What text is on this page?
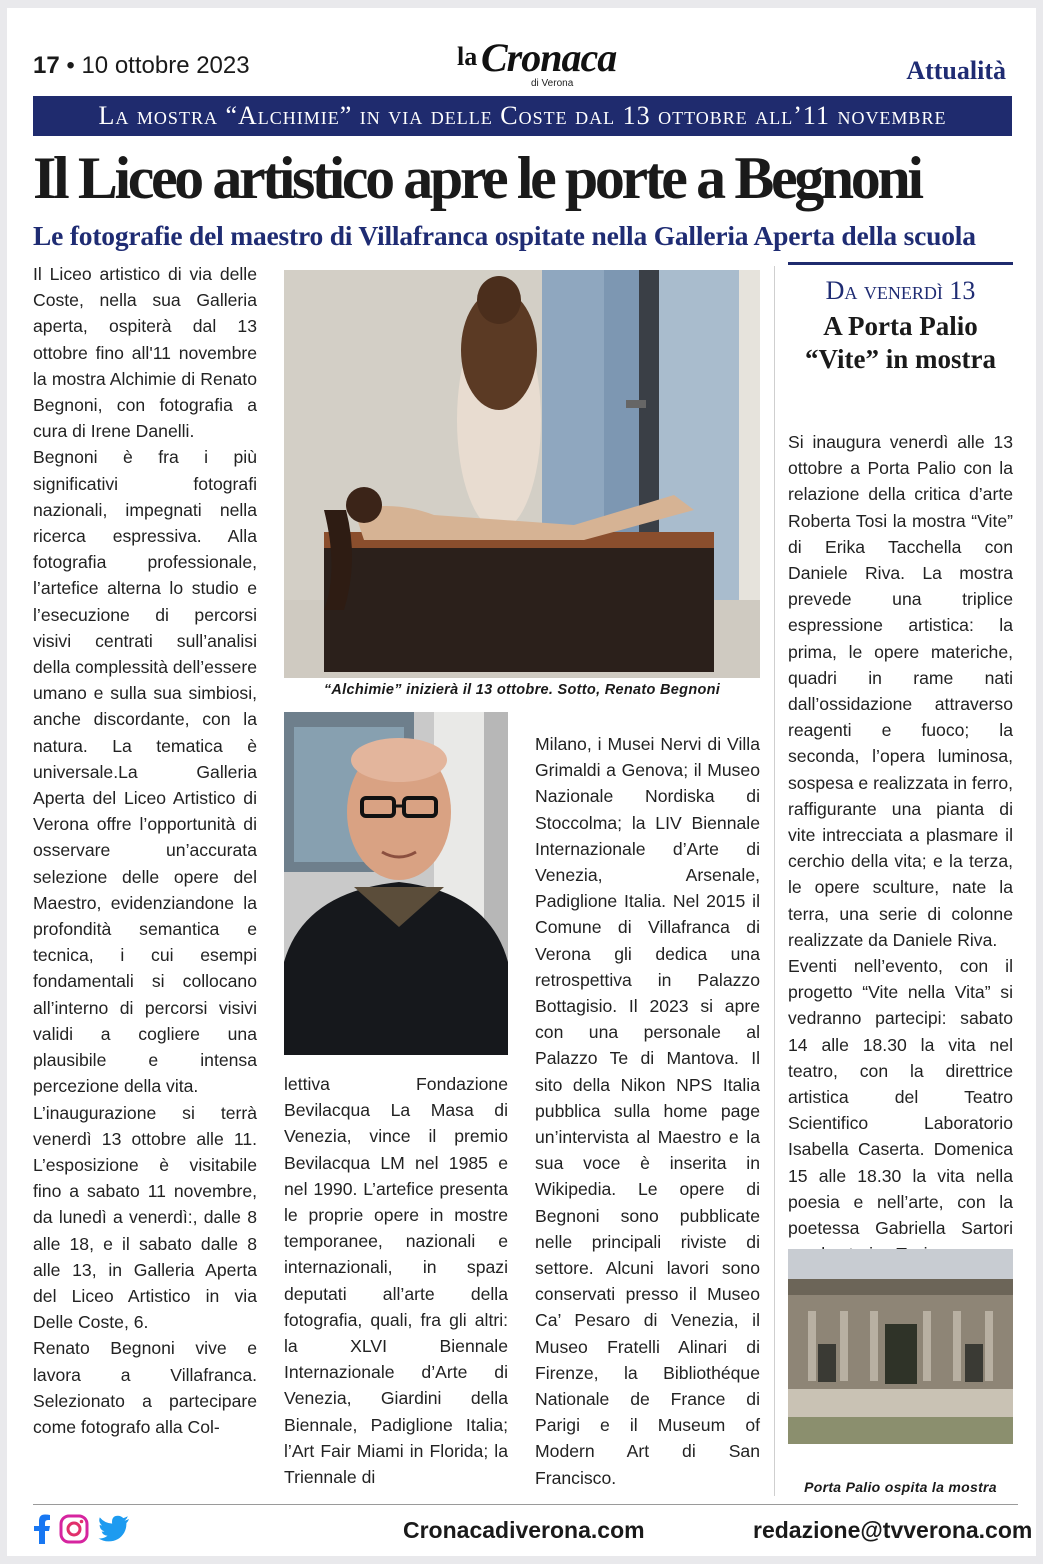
17 • 10 ottobre 2023	la Cronaca
di Verona	Attualità
La mostra “Alchimie” in via delle Coste dal 13 ottobre all’11 novembre
Il Liceo artistico apre le porte a Begnoni
Le fotografie del maestro di Villafranca ospitate nella Galleria Aperta della scuola

Il Liceo artistico di via delle Coste, nella sua Galleria aperta, ospiterà dal 13 ottobre fino all'11 novembre la mostra Alchimie di Renato Begnoni, con fotografia a cura di Irene Danelli.

Begnoni è fra i più significativi fotografi nazionali, impegnati nella ricerca espressiva. Alla fotografia professionale, l’artefice alterna lo studio e l’esecuzione di percorsi visivi centrati sull’analisi della complessità dell’essere umano e sulla sua simbiosi, anche discordante, con la natura. La tematica è universale.La Galleria Aperta del Liceo Artistico di Verona offre l’opportunità di osservare un’accurata selezione delle opere del Maestro, evidenziandone la profondità semantica e tecnica, i cui esempi fondamentali si collocano all’interno di percorsi visivi validi a cogliere una plausibile e intensa percezione della vita.

L’inaugurazione si terrà venerdì 13 ottobre alle 11. L’esposizione è visitabile fino a sabato 11 novembre, da lunedì a venerdì:, dalle 8 alle 18, e il sabato dalle 8 alle 13, in Galleria Aperta del Liceo Artistico in via Delle Coste, 6.

Renato Begnoni vive e lavora a Villafranca. Selezionato a partecipare come fotografo alla Col-

“Alchimie” inizierà il 13 ottobre. Sotto, Renato Begnoni

lettiva Fondazione Bevilacqua La Masa di Venezia, vince il premio Bevilacqua LM nel 1985 e nel 1990. L’artefice presenta le proprie opere in mostre temporanee, nazionali e internazionali, in spazi deputati all’arte della fotografia, quali, fra gli altri: la XLVI Biennale Internazionale d’Arte di Venezia, Giardini della Biennale, Padiglione Italia; l’Art Fair Miami in Florida; la Triennale di

Milano, i Musei Nervi di Villa Grimaldi a Genova; il Museo Nazionale Nordiska di Stoccolma; la LIV Biennale Internazionale d’Arte di Venezia, Arsenale, Padiglione Italia. Nel 2015 il Comune di Villafranca di Verona gli dedica una retrospettiva in Palazzo Bottagisio. Il 2023 si apre con una personale al Palazzo Te di Mantova. Il sito della Nikon NPS Italia pubblica sulla home page un’intervista al Maestro e la sua voce è inserita in Wikipedia. Le opere di Begnoni sono pubblicate nelle principali riviste di settore. Alcuni lavori sono conservati presso il Museo Ca’ Pesaro di Venezia, il Museo Fratelli Alinari di Firenze, la Bibliothéque Nationale de France di Parigi e il Museum of Modern Art di San Francisco.

Da venerdì 13
A Porta Palio “Vite” in mostra

Si inaugura venerdì alle 13 ottobre a Porta Palio con la relazione della critica d’arte Roberta Tosi la mostra “Vite” di Erika Tacchella con Daniele Riva. La mostra prevede una triplice espressione artistica: la prima, le opere materiche, quadri in rame nati dall’ossidazione attraverso reagenti e fuoco; la seconda, l’opera luminosa, sospesa e realizzata in ferro, raffigurante una pianta di vite intrecciata a plasmare il cerchio della vita; e la terza, le opere sculture, nate la terra, una serie di colonne realizzate da Daniele Riva.

Eventi nell’evento, con il progetto “Vite nella Vita” si vedranno partecipi: sabato 14 alle 18.30 la vita nel teatro, con la direttrice artistica del Teatro Scientifico Laboratorio Isabella Caserta. Domenica 15 alle 18.30 la vita nella poesia e nell’arte, con la poetessa Gabriella Sartori

Porta Palio ospita la mostra

Cronacadiverona.com	redazione@tvverona.com
